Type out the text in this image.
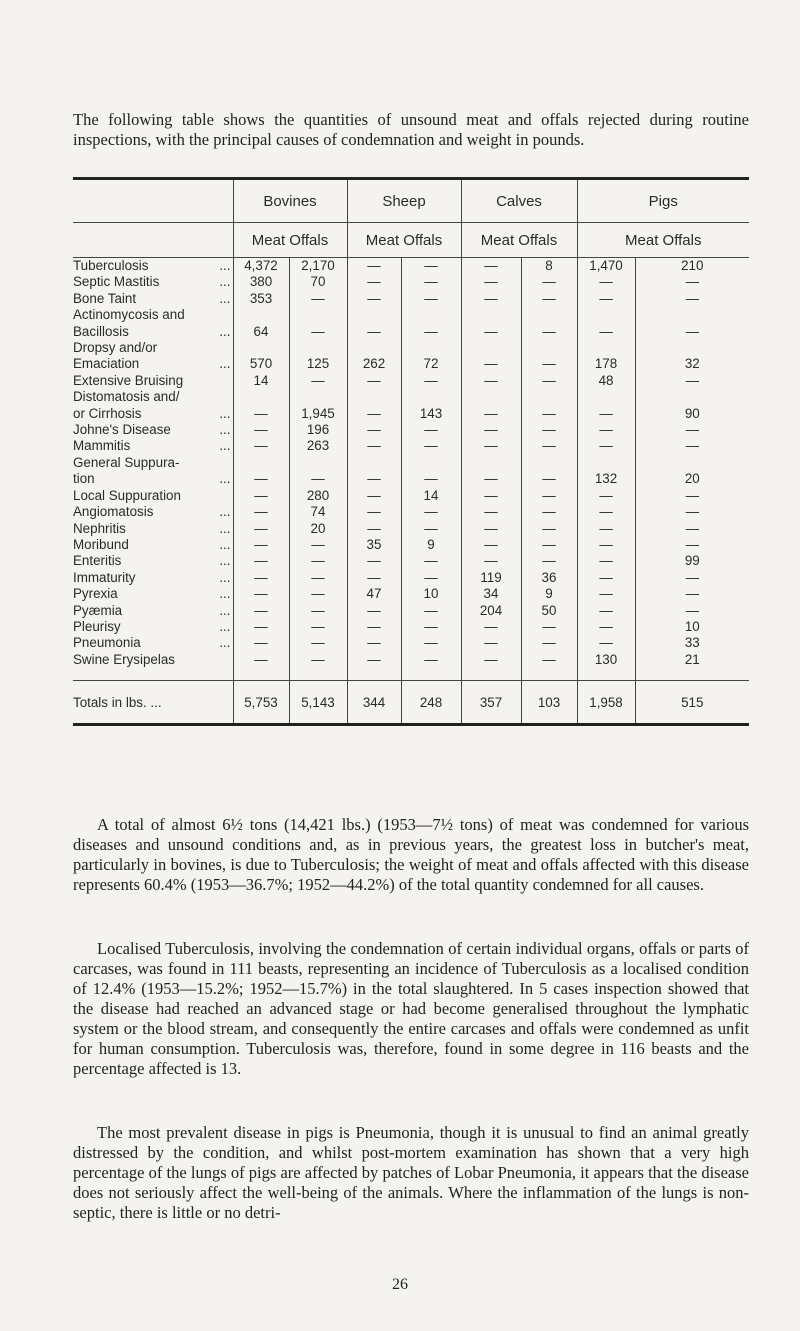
The following table shows the quantities of unsound meat and offals rejected during routine inspections, with the principal causes of condemnation and weight in pounds.

	Bovines		Sheep		Calves		Pigs	
	Meat Offals		Meat Offals		Meat Offals		Meat Offals	
Tuberculosis ...	4,372	2,170	—	—	—	8	1,470	210
Septic Mastitis ...	380	70	—	—	—	—	—	—
Bone Taint ...	353	—	—	—	—	—	—	—

Actinomycosis and
Bacillosis ...	64	—	—	—	—	—	—	—

Dropsy and/or
Emaciation ...	570	125	262	72	—	—	178	32
Extensive Bruising	14	—	—	—	—	—	48	—

Distomatosis and/
or Cirrhosis ...	—	1,945	—	143	—	—	—	90
Johne's Disease ...	—	196	—	—	—	—	—	—
Mammitis ...	—	263	—	—	—	—	—	—

General Suppura-
tion ...	—	—	—	—	—	—	132	20
Local Suppuration	—	280	—	14	—	—	—	—
Angiomatosis ...	—	74	—	—	—	—	—	—
Nephritis ...	—	20	—	—	—	—	—	—
Moribund ...	—	—	35	9	—	—	—	—
Enteritis ...	—	—	—	—	—	—	—	99
Immaturity ...	—	—	—	—	119	36	—	—
Pyrexia ...	—	—	47	10	34	9	—	—
Pyæmia ...	—	—	—	—	204	50	—	—
Pleurisy ...	—	—	—	—	—	—	—	10
Pneumonia ...	—	—	—	—	—	—	—	33
Swine Erysipelas	—	—	—	—	—	—	130	21

Totals in lbs. ...	5,753	5,143	344	248	357	103	1,958	515

A total of almost 6½ tons (14,421 lbs.) (1953—7½ tons) of meat was condemned for various diseases and unsound conditions and, as in previous years, the greatest loss in butcher's meat, particularly in bovines, is due to Tuberculosis; the weight of meat and offals affected with this disease represents 60.4% (1953—36.7%; 1952—44.2%) of the total quantity condemned for all causes.

Localised Tuberculosis, involving the condemnation of certain individual organs, offals or parts of carcases, was found in 111 beasts, representing an incidence of Tuberculosis as a localised condition of 12.4% (1953—15.2%; 1952—15.7%) in the total slaughtered. In 5 cases inspection showed that the disease had reached an advanced stage or had become generalised throughout the lymphatic system or the blood stream, and consequently the entire carcases and offals were condemned as unfit for human consumption. Tuberculosis was, therefore, found in some degree in 116 beasts and the percentage affected is 13.

The most prevalent disease in pigs is Pneumonia, though it is unusual to find an animal greatly distressed by the condition, and whilst post-mortem examination has shown that a very high percentage of the lungs of pigs are affected by patches of Lobar Pneumonia, it appears that the disease does not seriously affect the well-being of the animals. Where the inflammation of the lungs is non-septic, there is little or no detri-

26
